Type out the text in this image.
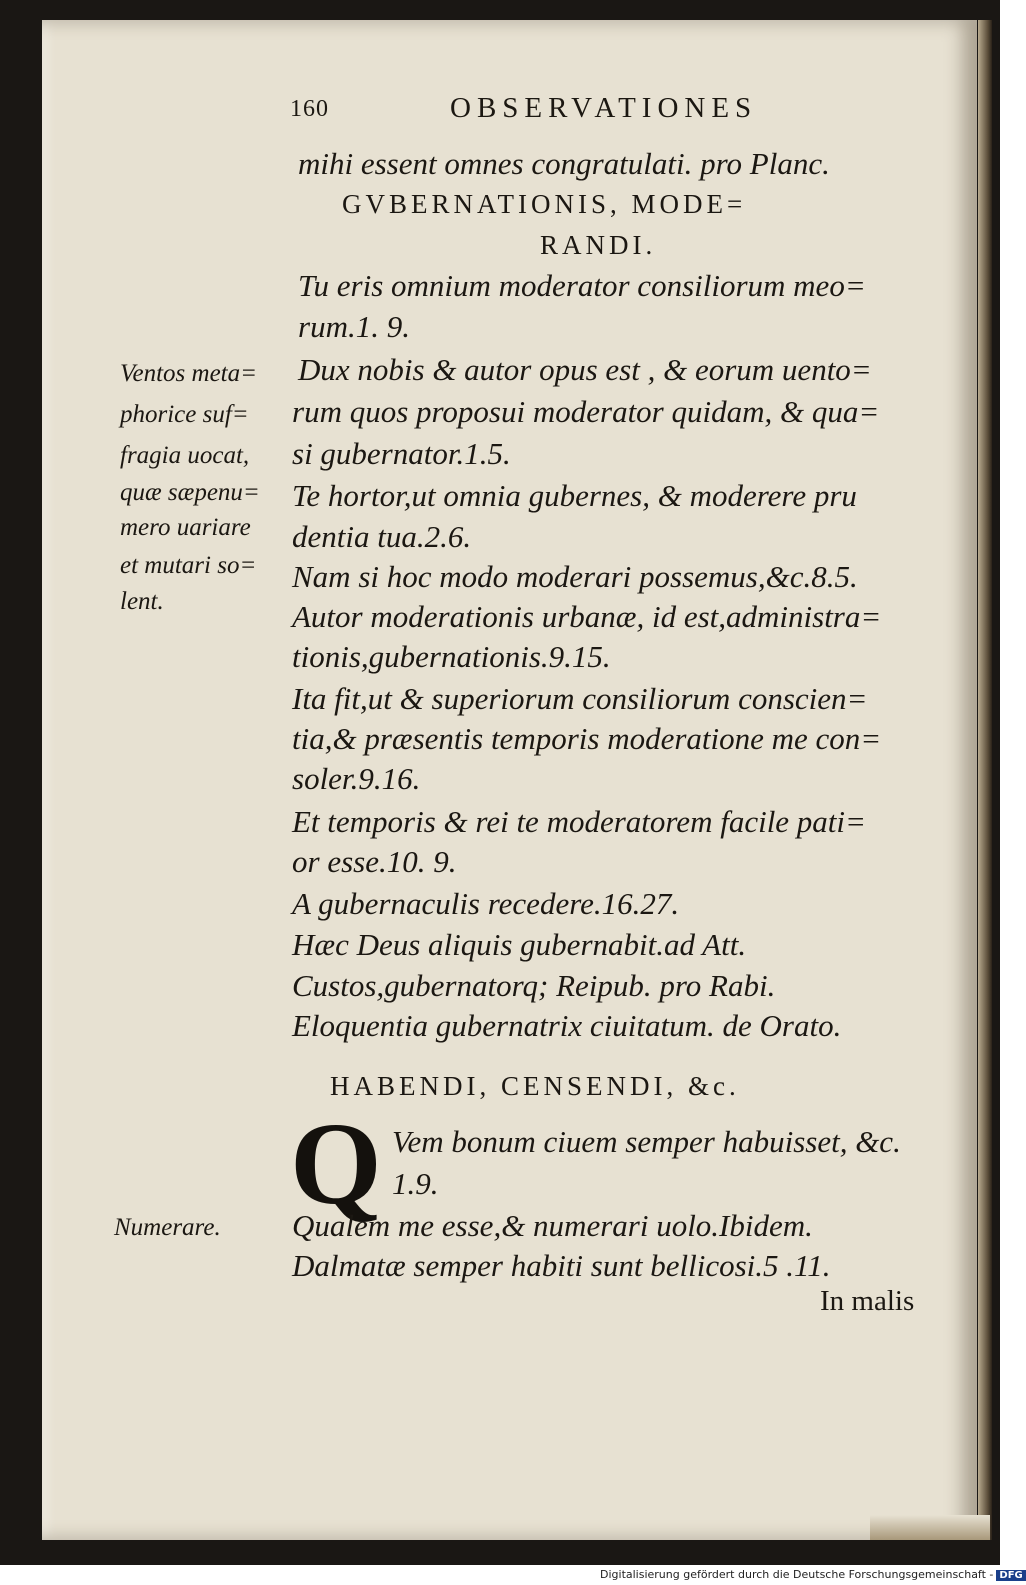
160	OBSERVATIONES
mihi essent omnes congratulati. pro Planc.
GVBERNATIONIS, MODE=
RANDI.
Tu eris omnium moderator consiliorum meo=
rum.1. 9.
Dux nobis & autor opus est , & eorum uento=
rum quos proposui moderator quidam, & qua=
si gubernator.1.5.
Te hortor,ut omnia gubernes, & moderere pru
dentia tua.2.6.
Nam si hoc modo moderari possemus,&c.8.5.
Autor moderationis urbanæ, id est,administra=
tionis,gubernationis.9.15.
Ita fit,ut & superiorum consiliorum conscien=
tia,& præsentis temporis moderatione me con=
soler.9.16.
Et temporis & rei te moderatorem facile pati=
or esse.10. 9.
A gubernaculis recedere.16.27.
Hæc Deus aliquis gubernabit.ad Att.
Custos,gubernatorq; Reipub. pro Rabi.
Eloquentia gubernatrix ciuitatum. de Orato.
HABENDI, CENSENDI, &c.
Q Vem bonum ciuem semper habuisset, &c.
1.9.
Qualem me esse,& numerari uolo.Ibidem.
Dalmatæ semper habiti sunt bellicosi.5 .11.
In malis
Ventos meta=
phorice suf=
fragia uocat,
quæ sæpenu=
mero uariare
et mutari so=
lent.
Numerare.
Digitalisierung gefördert durch die Deutsche Forschungsgemeinschaft - DFG
